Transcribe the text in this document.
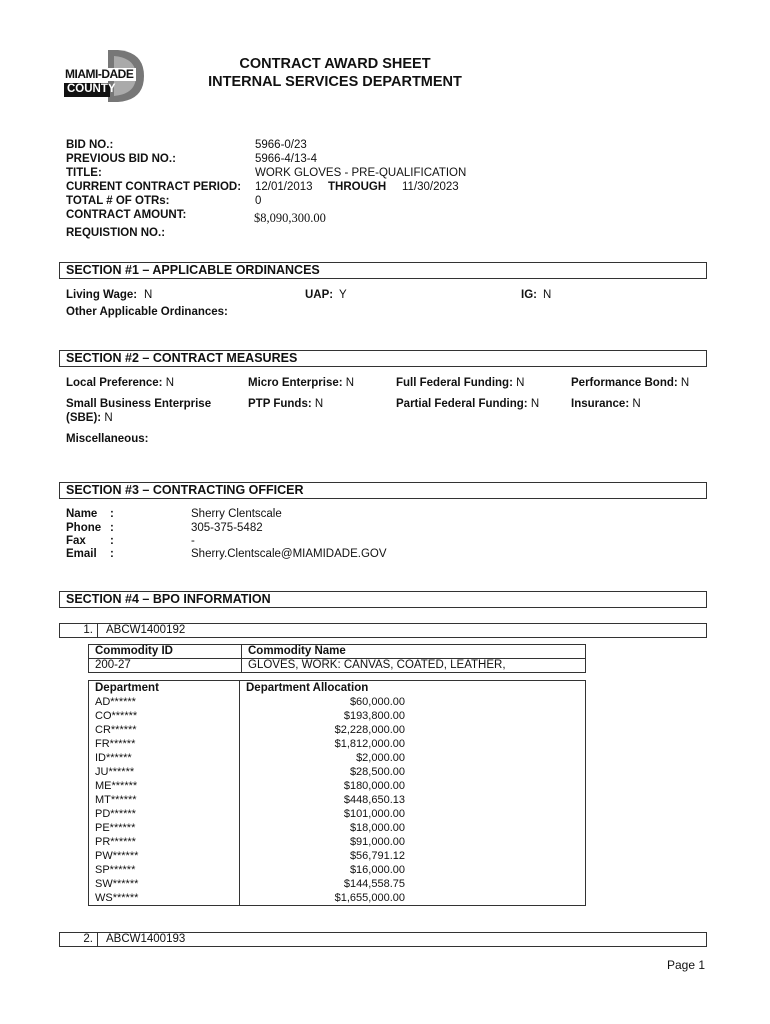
MIAMI-DADE
COUNTY
CONTRACT AWARD SHEET
INTERNAL SERVICES DEPARTMENT
BID NO.:	5966-0/23
PREVIOUS BID NO.:	5966-4/13-4
TITLE:	WORK GLOVES - PRE-QUALIFICATION
CURRENT CONTRACT PERIOD: 12/01/2013 THROUGH 11/30/2023
TOTAL # OF OTRs:	0
CONTRACT AMOUNT:	$8,090,300.00
REQUISTION NO.:
SECTION #1 – APPLICABLE ORDINANCES
Living Wage: N	UAP: Y	IG: N
Other Applicable Ordinances:
SECTION #2 – CONTRACT MEASURES
Local Preference: N	Micro Enterprise: N	Full Federal Funding: N	Performance Bond: N
Small Business Enterprise
(SBE): N
PTP Funds: N	Partial Federal Funding: N	Insurance: N
Miscellaneous:
SECTION #3 – CONTRACTING OFFICER
Name :	Sherry Clentscale
Phone :	305-375-5482
Fax :	-
Email :	Sherry.Clentscale@MIAMIDADE.GOV
SECTION #4 – BPO INFORMATION
1.	ABCW1400192
Commodity ID	Commodity Name
200-27	GLOVES, WORK: CANVAS, COATED, LEATHER,
Department	Department Allocation
AD******	$60,000.00
CO******	$193,800.00
CR******	$2,228,000.00
FR******	$1,812,000.00
ID******	$2,000.00
JU******	$28,500.00
ME******	$180,000.00
MT******	$448,650.13
PD******	$101,000.00
PE******	$18,000.00
PR******	$91,000.00
PW******	$56,791.12
SP******	$16,000.00
SW******	$144,558.75
WS******	$1,655,000.00
2.	ABCW1400193
Page 1
